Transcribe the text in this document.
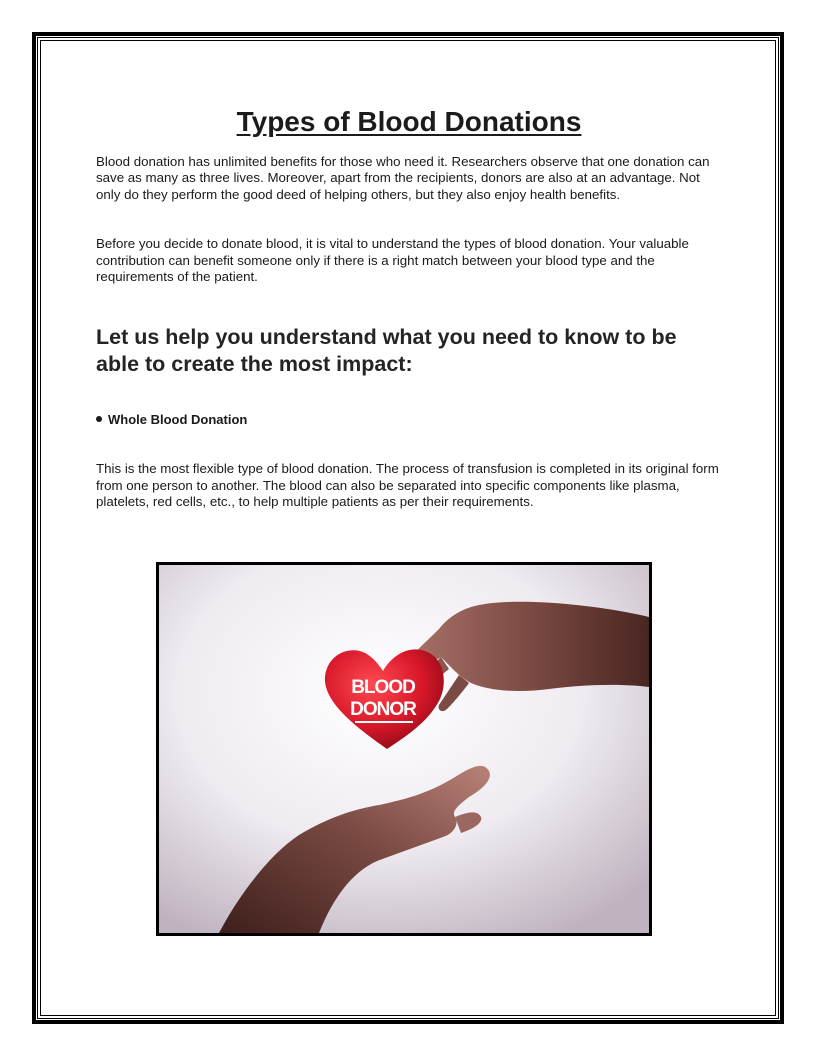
Types of Blood Donations

Blood donation has unlimited benefits for those who need it. Researchers observe that one donation can save as many as three lives. Moreover, apart from the recipients, donors are also at an advantage. Not only do they perform the good deed of helping others, but they also enjoy health benefits.

Before you decide to donate blood, it is vital to understand the types of blood donation. Your valuable contribution can benefit someone only if there is a right match between your blood type and the requirements of the patient.

Let us help you understand what you need to know to be able to create the most impact:
Whole Blood Donation

This is the most flexible type of blood donation. The process of transfusion is completed in its original form from one person to another. The blood can also be separated into specific components like plasma, platelets, red cells, etc., to help multiple patients as per their requirements.

BLOOD
DONOR
